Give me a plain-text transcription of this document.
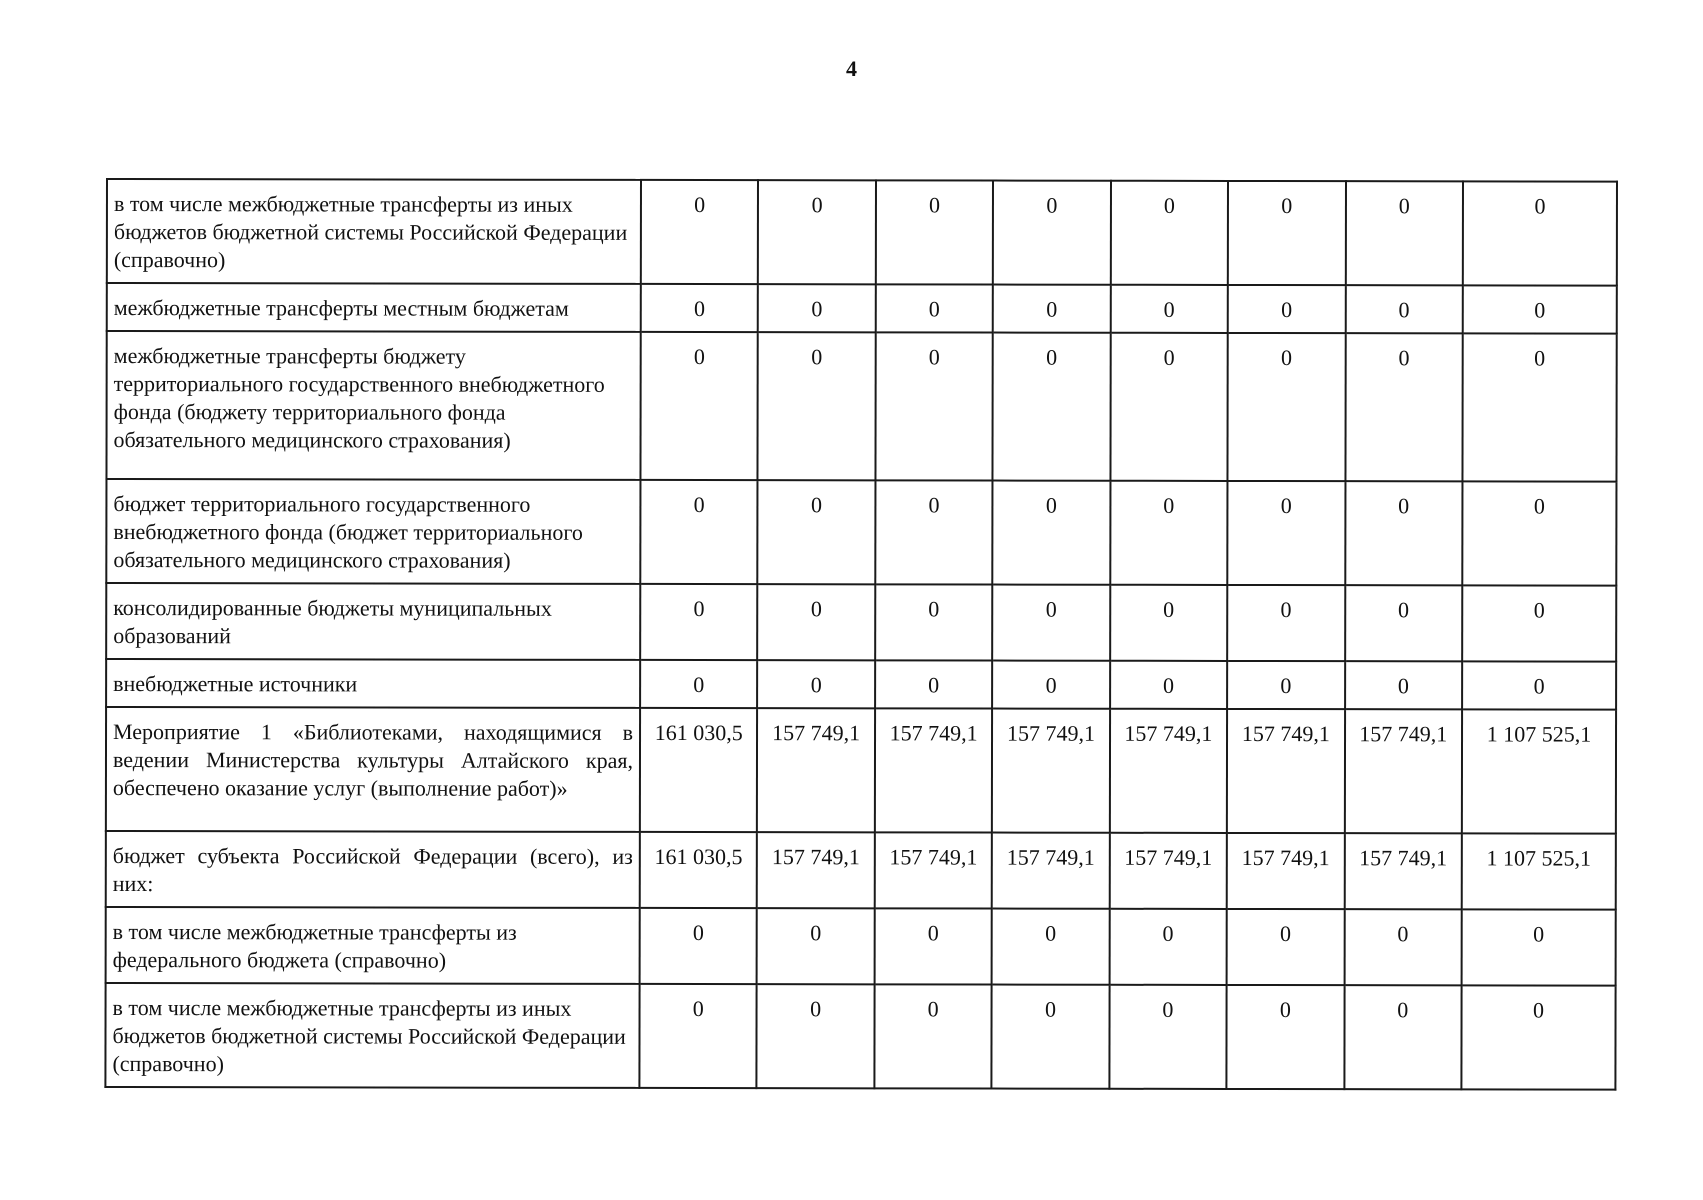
4
в том числе межбюджетные трансферты из иных бюджетов бюджетной системы Российской Федерации (справочно)	0	0	0	0	0	0	0	0
межбюджетные трансферты местным бюджетам	0	0	0	0	0	0	0	0
межбюджетные трансферты бюджету территориального государственного внебюджетного фонда (бюджету территориального фонда обязательного медицинского страхования)	0	0	0	0	0	0	0	0
бюджет территориального государственного внебюджетного фонда (бюджет территориального обязательного медицинского страхования)	0	0	0	0	0	0	0	0
консолидированные бюджеты муниципальных образований	0	0	0	0	0	0	0	0
внебюджетные источники	0	0	0	0	0	0	0	0
Мероприятие 1 «Библиотеками, находящимися в ведении Министерства культуры Алтайского края, обеспечено оказание услуг (выполнение работ)»	161 030,5	157 749,1	157 749,1	157 749,1	157 749,1	157 749,1	157 749,1	1 107 525,1
бюджет субъекта Российской Федерации (всего), из них:	161 030,5	157 749,1	157 749,1	157 749,1	157 749,1	157 749,1	157 749,1	1 107 525,1
в том числе межбюджетные трансферты из федерального бюджета (справочно)	0	0	0	0	0	0	0	0
в том числе межбюджетные трансферты из иных бюджетов бюджетной системы Российской Федерации (справочно)	0	0	0	0	0	0	0	0
